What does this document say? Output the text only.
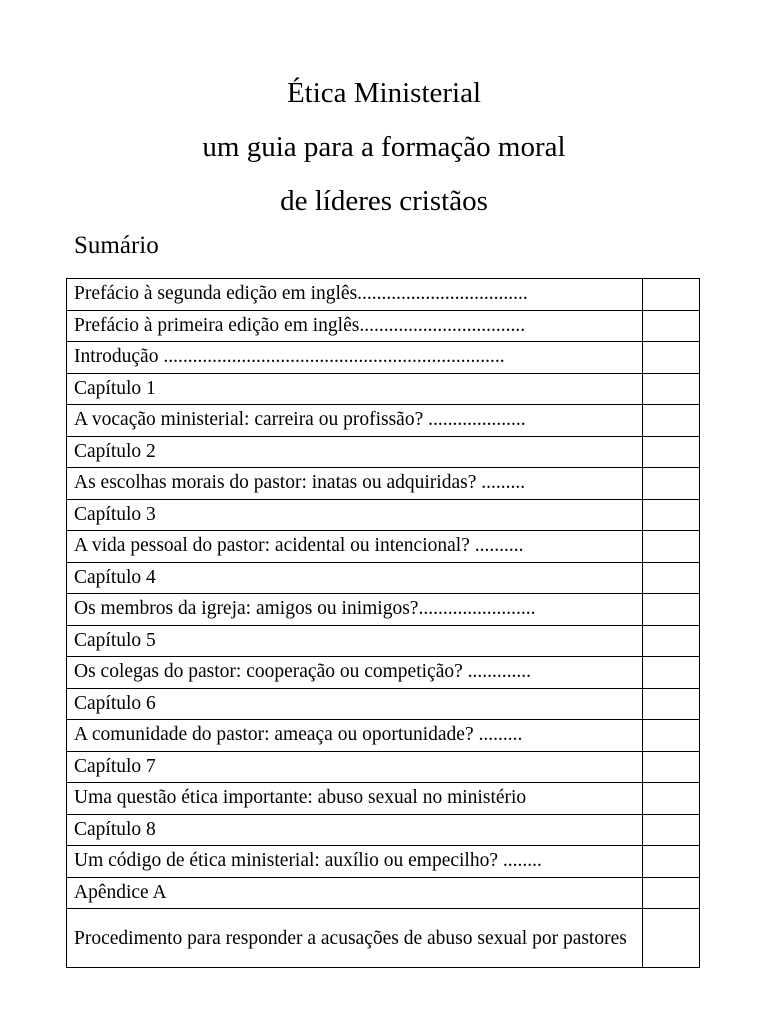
Ética Ministerial
um guia para a formação moral
de líderes cristãos
Sumário
Prefácio à segunda edição em inglês...................................	
Prefácio à primeira edição em inglês..................................	
Introdução ......................................................................	
Capítulo 1	
A vocação ministerial: carreira ou profissão? ....................	
Capítulo 2	
As escolhas morais do pastor: inatas ou adquiridas? .........	
Capítulo 3	
A vida pessoal do pastor: acidental ou intencional? ..........	
Capítulo 4	
Os membros da igreja: amigos ou inimigos?........................	
Capítulo 5	
Os colegas do pastor: cooperação ou competição? .............	
Capítulo 6	
A comunidade do pastor: ameaça ou oportunidade? .........	
Capítulo 7	
Uma questão ética importante: abuso sexual no ministério	
Capítulo 8	
Um código de ética ministerial: auxílio ou empecilho? ........	
Apêndice A	
Procedimento para responder a acusações de abuso sexual por pastores	
